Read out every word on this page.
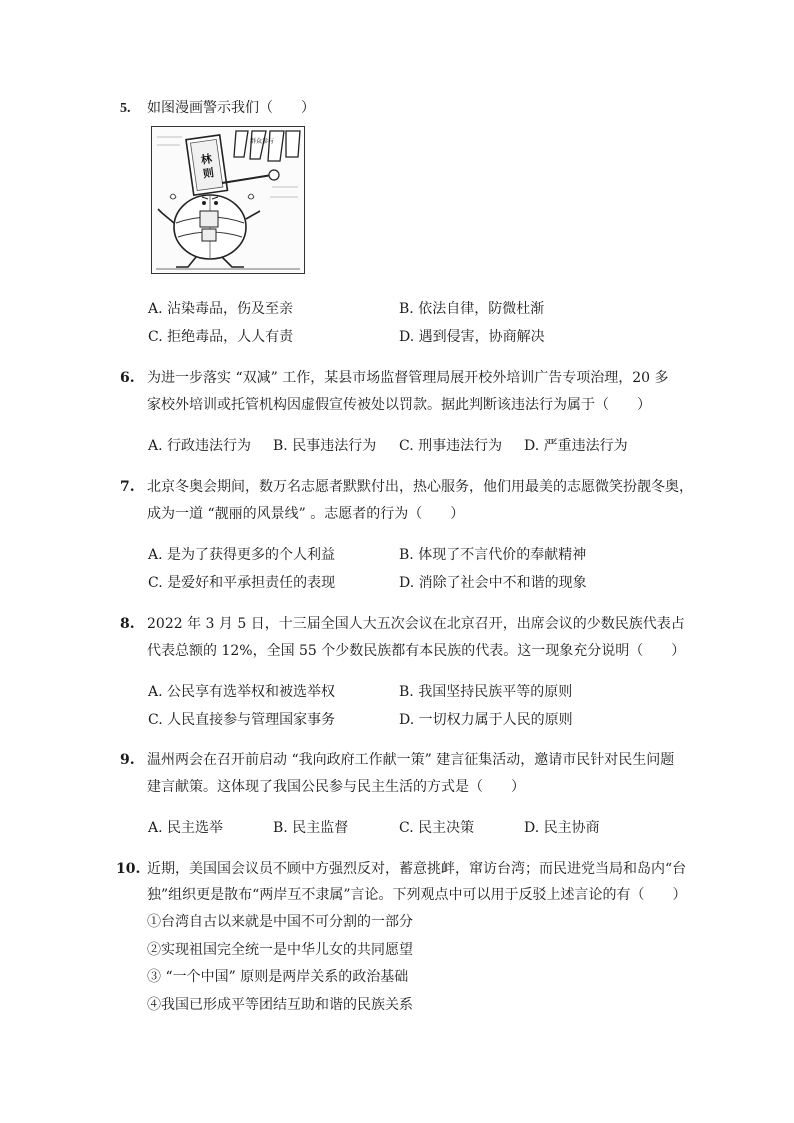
5. 如图漫画警示我们（　　）
林
则
群众参与
A. 沾染毒品，伤及至亲	B. 依法自律，防微杜渐
C. 拒绝毒品，人人有责	D. 遇到侵害，协商解决
6. 为进一步落实 “双减” 工作，某县市场监督管理局展开校外培训广告专项治理，20 多
家校外培训或托管机构因虚假宣传被处以罚款。据此判断该违法行为属于（　　）
A. 行政违法行为 B. 民事违法行为 C. 刑事违法行为 D. 严重违法行为
7. 北京冬奥会期间，数万名志愿者默默付出，热心服务，他们用最美的志愿微笑扮靓冬奥，
成为一道 “靓丽的风景线” 。志愿者的行为（　　）
A. 是为了获得更多的个人利益	B. 体现了不言代价的奉献精神
C. 是爱好和平承担责任的表现	D. 消除了社会中不和谐的现象
8. 2022 年 3 月 5 日，十三届全国人大五次会议在北京召开，出席会议的少数民族代表占
代表总额的 12%，全国 55 个少数民族都有本民族的代表。这一现象充分说明（　　）
A. 公民享有选举权和被选举权	B. 我国坚持民族平等的原则
C. 人民直接参与管理国家事务	D. 一切权力属于人民的原则
9. 温州两会在召开前启动 “我向政府工作献一策” 建言征集活动，邀请市民针对民生问题
建言献策。这体现了我国公民参与民主生活的方式是（　　）
A. 民主选举	B. 民主监督	C. 民主决策	D. 民主协商
10. 近期，美国国会议员不顾中方强烈反对，蓄意挑衅，窜访台湾；而民进党当局和岛内“台
独”组织更是散布“两岸互不隶属”言论。下列观点中可以用于反驳上述言论的有（　　）
①台湾自古以来就是中国不可分割的一部分
②实现祖国完全统一是中华儿女的共同愿望
③ “一个中国” 原则是两岸关系的政治基础
④我国已形成平等团结互助和谐的民族关系
